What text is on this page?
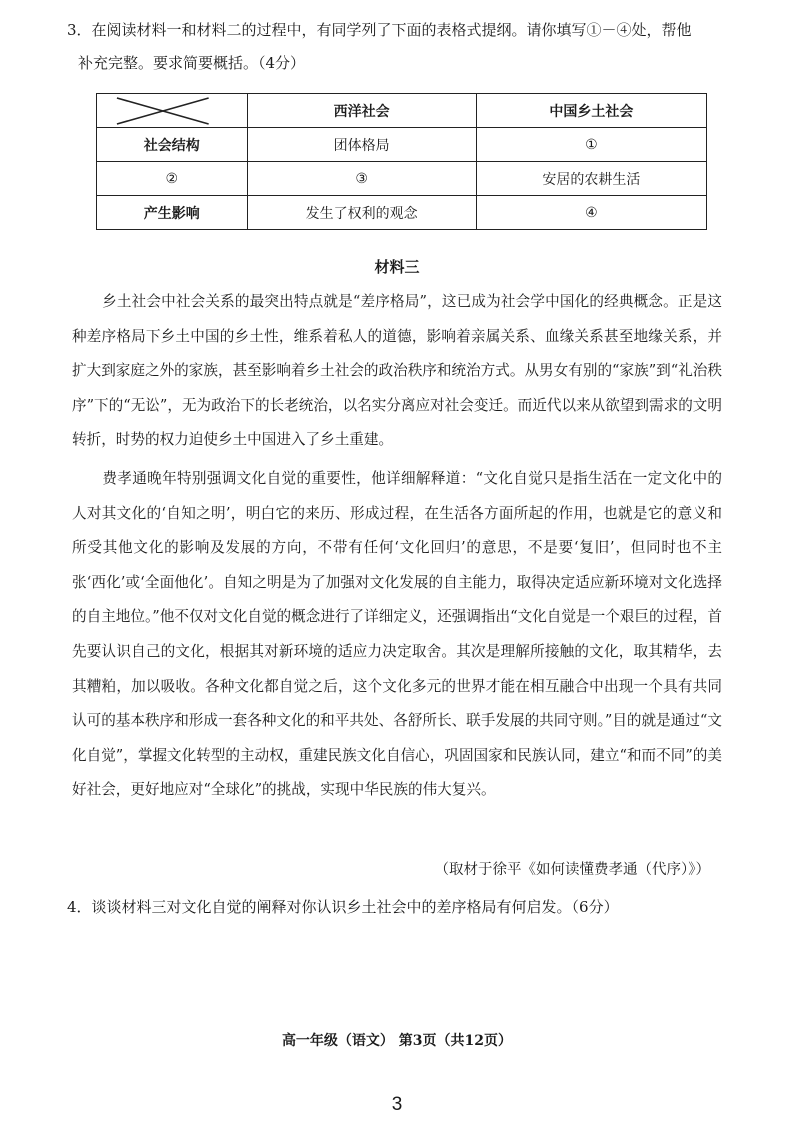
3．在阅读材料一和材料二的过程中，有同学列了下面的表格式提纲。请你填写①－④处，帮他
补充完整。要求简要概括。（4分）
	西洋社会	中国乡土社会
社会结构	团体格局	①
②	③	安居的农耕生活
产生影响	发生了权利的观念	④
材料三
乡土社会中社会关系的最突出特点就是“差序格局”，这已成为社会学中国化的经典概念。正是这种差序格局下乡土中国的乡土性，维系着私人的道德，影响着亲属关系、血缘关系甚至地缘关系，并扩大到家庭之外的家族，甚至影响着乡土社会的政治秩序和统治方式。从男女有别的“家族”到“礼治秩序”下的“无讼”，无为政治下的长老统治，以名实分离应对社会变迁。而近代以来从欲望到需求的文明转折，时势的权力迫使乡土中国进入了乡土重建。
费孝通晚年特别强调文化自觉的重要性，他详细解释道：“文化自觉只是指生活在一定文化中的人对其文化的‘自知之明’，明白它的来历、形成过程，在生活各方面所起的作用，也就是它的意义和所受其他文化的影响及发展的方向，不带有任何‘文化回归’的意思，不是要‘复旧’，但同时也不主张‘西化’或‘全面他化’。自知之明是为了加强对文化发展的自主能力，取得决定适应新环境对文化选择的自主地位。”他不仅对文化自觉的概念进行了详细定义，还强调指出“文化自觉是一个艰巨的过程，首先要认识自己的文化，根据其对新环境的适应力决定取舍。其次是理解所接触的文化，取其精华，去其糟粕，加以吸收。各种文化都自觉之后，这个文化多元的世界才能在相互融合中出现一个具有共同认可的基本秩序和形成一套各种文化的和平共处、各舒所长、联手发展的共同守则。”目的就是通过“文化自觉”，掌握文化转型的主动权，重建民族文化自信心，巩固国家和民族认同，建立“和而不同”的美好社会，更好地应对“全球化”的挑战，实现中华民族的伟大复兴。
（取材于徐平《如何读懂费孝通（代序）》）
4．谈谈材料三对文化自觉的阐释对你认识乡土社会中的差序格局有何启发。（6分）
高一年级（语文） 第3页（共12页）
3
